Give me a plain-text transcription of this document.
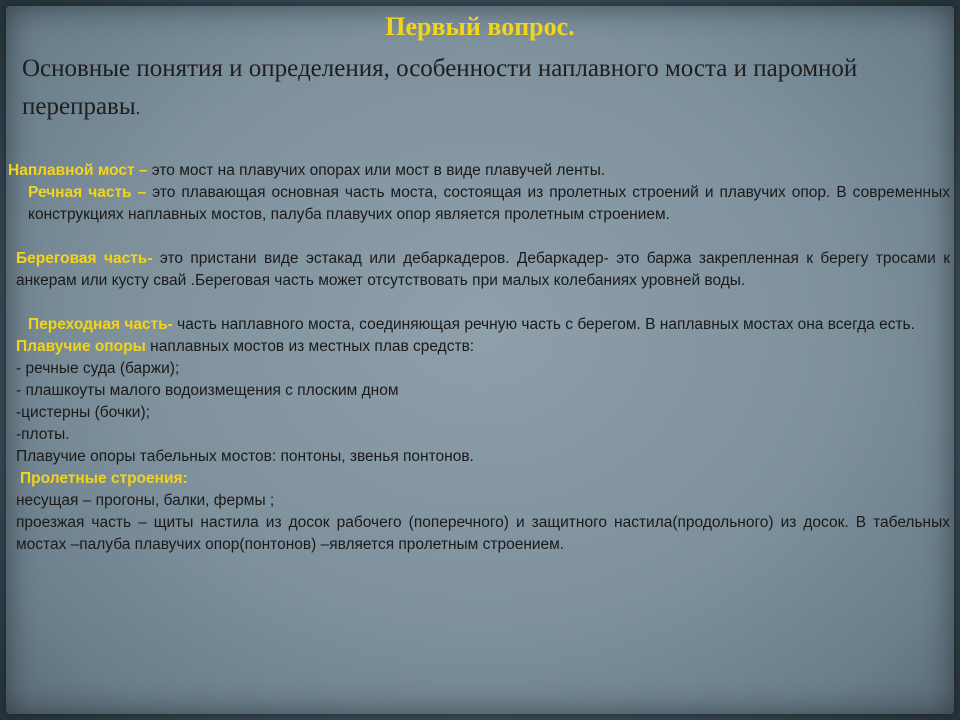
Первый вопрос.
Основные понятия и определения, особенности наплавного моста и паромной переправы.

Наплавной мост – это мост на плавучих опорах или мост в виде плавучей ленты.

Речная часть – это плавающая основная часть моста, состоящая из пролетных строений и плавучих опор. В современных конструкциях наплавных мостов, палуба плавучих опор является пролетным строением.

Береговая часть- это пристани виде эстакад или дебаркадеров. Дебаркадер- это баржа закрепленная к берегу тросами к анкерам или кусту свай .Береговая часть может отсутствовать при малых колебаниях уровней воды.

Переходная часть- часть наплавного моста, соединяющая речную часть с берегом. В наплавных мостах она всегда есть.

Плавучие опоры наплавных мостов из местных плав средств:

- речные суда (баржи);

- плашкоуты малого водоизмещения с плоским дном

-цистерны (бочки);

-плоты.

Плавучие опоры табельных мостов: понтоны, звенья понтонов.

Пролетные строения:

несущая – прогоны, балки, фермы ;

проезжая часть – щиты настила из досок рабочего (поперечного) и защитного настила(продольного) из досок. В табельных мостах –палуба плавучих опор(понтонов) –является пролетным строением.
